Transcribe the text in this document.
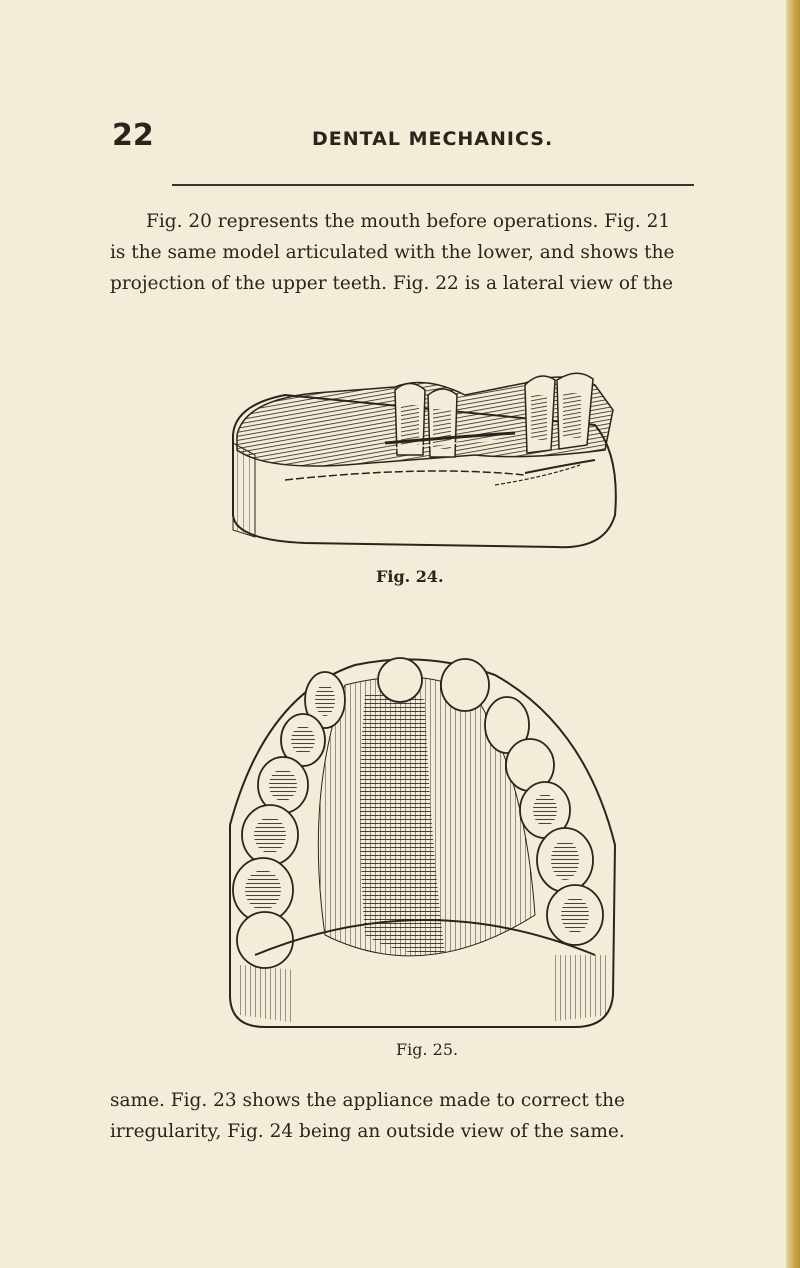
22	DENTAL MECHANICS.

Fig. 20 represents the mouth before operations. Fig. 21
is the same model articulated with the lower, and shows the
projection of the upper teeth. Fig. 22 is a lateral view of the

Fig. 24.
Fig. 25.

same. Fig. 23 shows the appliance made to correct the
irregularity, Fig. 24 being an outside view of the same.
